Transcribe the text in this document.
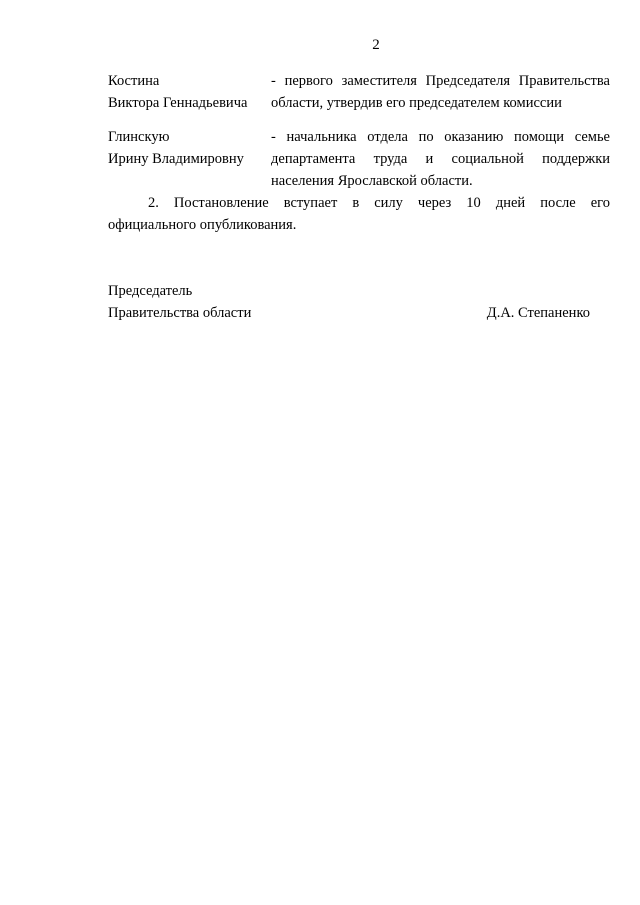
2
Костина
Виктора Геннадьевича
- первого заместителя Председателя Правительства
области, утвердив его председателем комиссии
Глинскую
Ирину Владимировну
- начальника отдела по оказанию помощи семье
департамента труда и социальной поддержки
населения Ярославской области.
2. Постановление вступает в силу через 10 дней после его
официального опубликования.
Председатель
Правительства области	Д.А. Степаненко
